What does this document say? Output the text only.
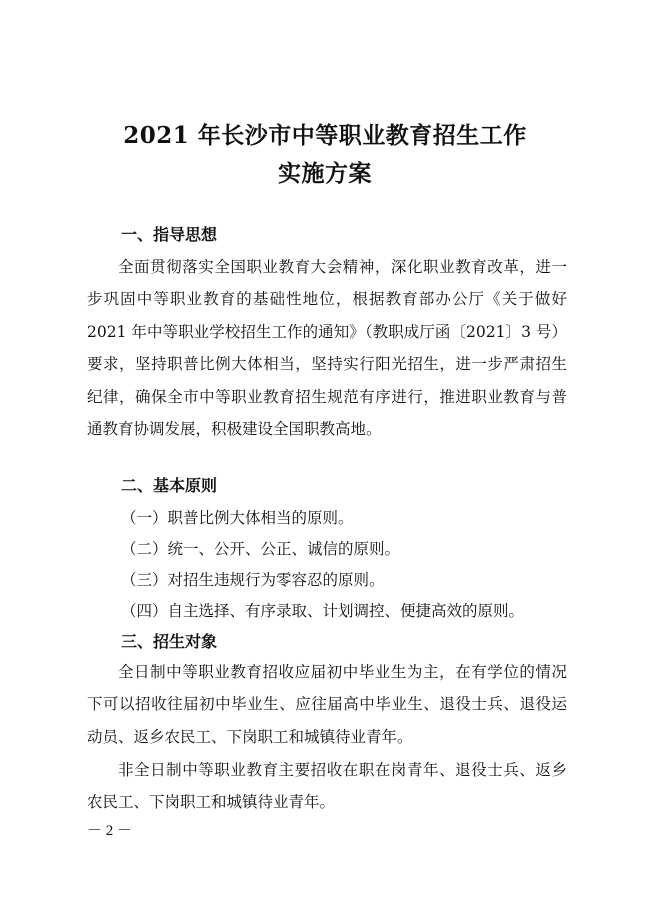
2021 年长沙市中等职业教育招生工作
实施方案
一、指导思想
全面贯彻落实全国职业教育大会精神，深化职业教育改革，进一步巩固中等职业教育的基础性地位，根据教育部办公厅《关于做好 2021 年中等职业学校招生工作的通知》（教职成厅函〔2021〕3 号）要求，坚持职普比例大体相当，坚持实行阳光招生，进一步严肃招生纪律，确保全市中等职业教育招生规范有序进行，推进职业教育与普通教育协调发展，积极建设全国职教高地。
二、基本原则
（一）职普比例大体相当的原则。
（二）统一、公开、公正、诚信的原则。
（三）对招生违规行为零容忍的原则。
（四）自主选择、有序录取、计划调控、便捷高效的原则。
三、招生对象
全日制中等职业教育招收应届初中毕业生为主，在有学位的情况下可以招收往届初中毕业生、应往届高中毕业生、退役士兵、退役运动员、返乡农民工、下岗职工和城镇待业青年。
非全日制中等职业教育主要招收在职在岗青年、退役士兵、返乡农民工、下岗职工和城镇待业青年。
－ 2 －
